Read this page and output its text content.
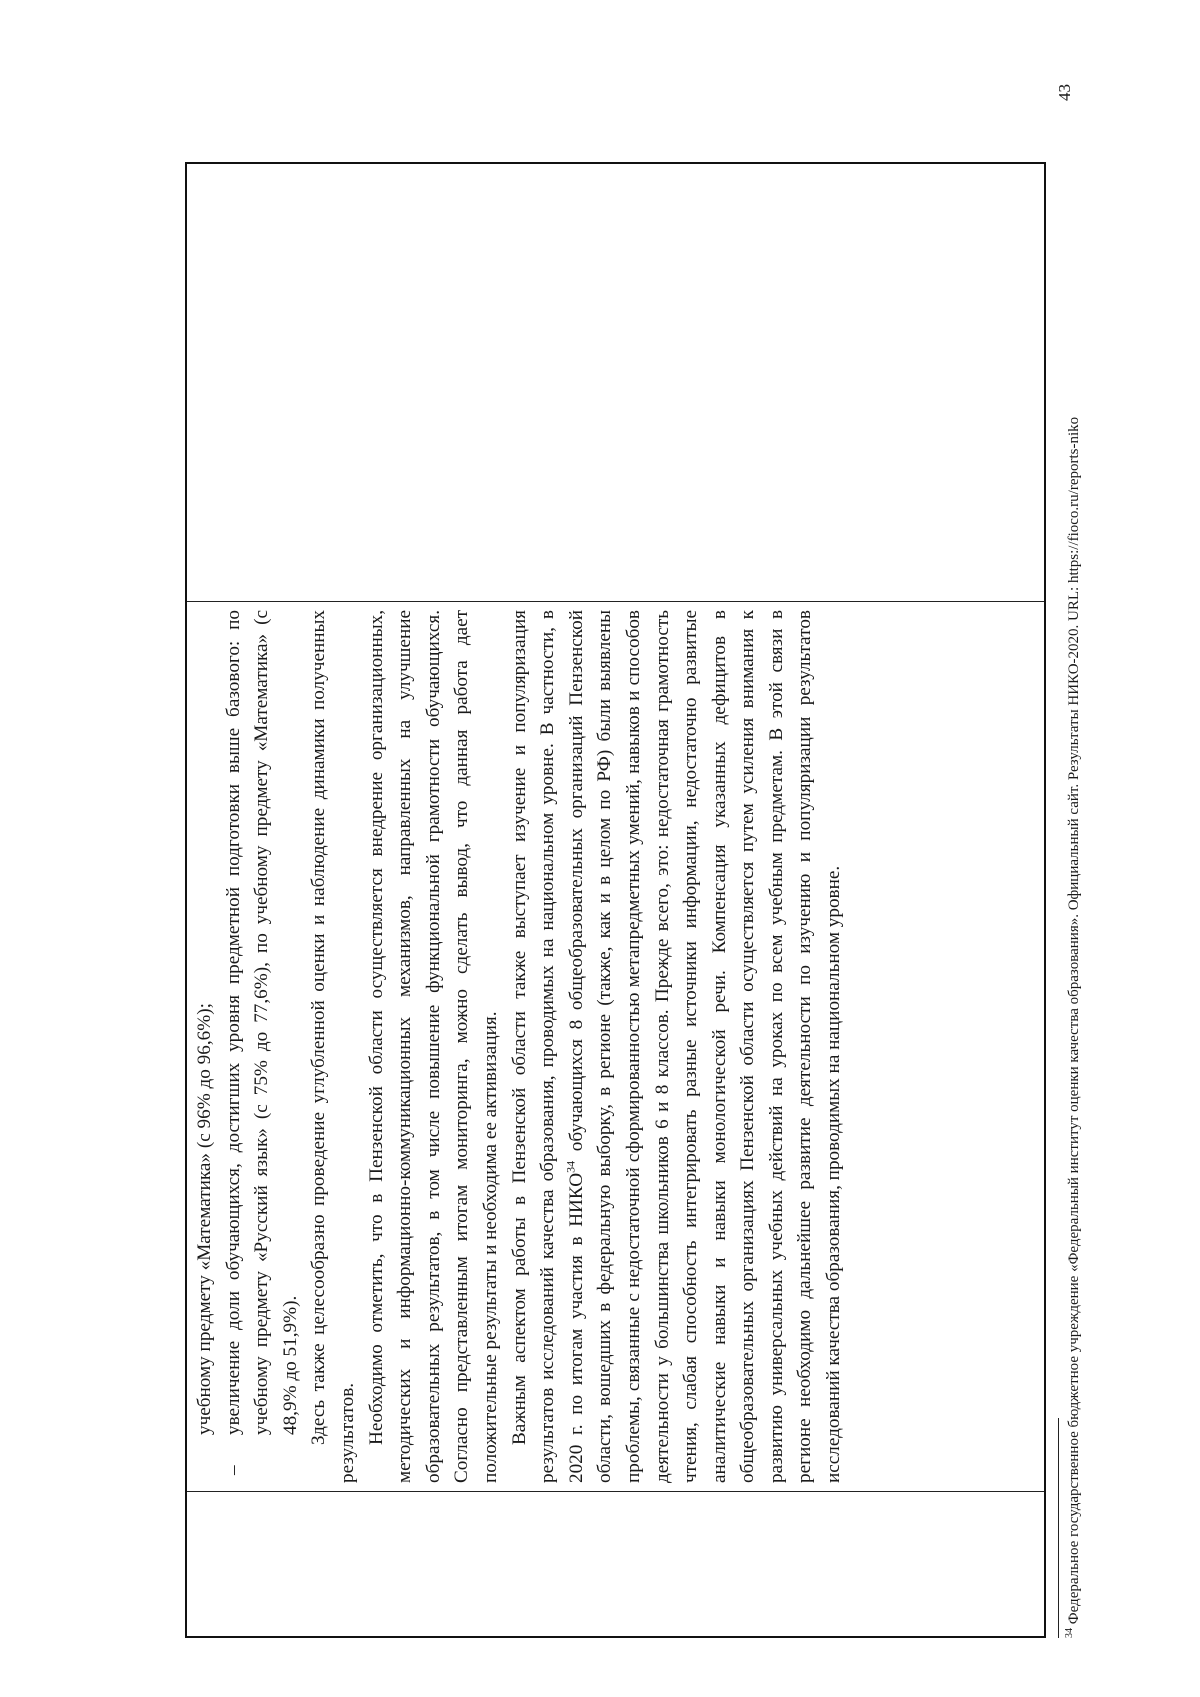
учебному предмету «Математика» (с 96% до 96,6%);

–
увеличение доли обучающихся, достигших уровня предметной подготовки выше базового: по учебному предмету «Русский язык» (с 75% до 77,6%), по учебному предмету «Математика» (с 48,9% до 51,9%). Здесь также целесообразно проведение углубленной оценки и наблюдение динамики полученных результатов. Необходимо отметить, что в Пензенской области осуществляется внедрение организационных, методических и информационно-коммуникационных механизмов, направленных на улучшение образовательных результатов, в том числе повышение функциональной грамотности обучающихся. Согласно представленным итогам мониторинга, можно сделать вывод, что данная работа дает положительные результаты и необходима ее активизация. Важным аспектом работы в Пензенской области также выступает изучение и популяризация результатов исследований качества образования, проводимых на национальном уровне. В частности, в 2020 г. по итогам участия в НИКО$^{34}$ обучающихся 8 общеобразовательных организаций Пензенской области, вошедших в федеральную выборку, в регионе (также, как и в целом по РФ) были выявлены проблемы, связанные с недостаточной сформированностью метапредметных умений, навыков и способов деятельности у большинства школьников 6 и 8 классов. Прежде всего, это: недостаточная грамотность чтения, слабая способность интегрировать разные источники информации, недостаточно развитые аналитические навыки и навыки монологической речи. Компенсация указанных дефицитов в общеобразовательных организациях Пензенской области осуществляется путем усиления внимания к развитию универсальных учебных действий на уроках по всем учебным предметам. В этой связи в регионе необходимо дальнейшее развитие деятельности по изучению и популяризации результатов исследований качества образования, проводимых на национальном уровне.

$^{34}$ Федеральное государственное бюджетное учреждение «Федеральный институт оценки качества образования». Официальный сайт. Результаты НИКО-2020. URL: https://fioco.ru/reports-niko

43
